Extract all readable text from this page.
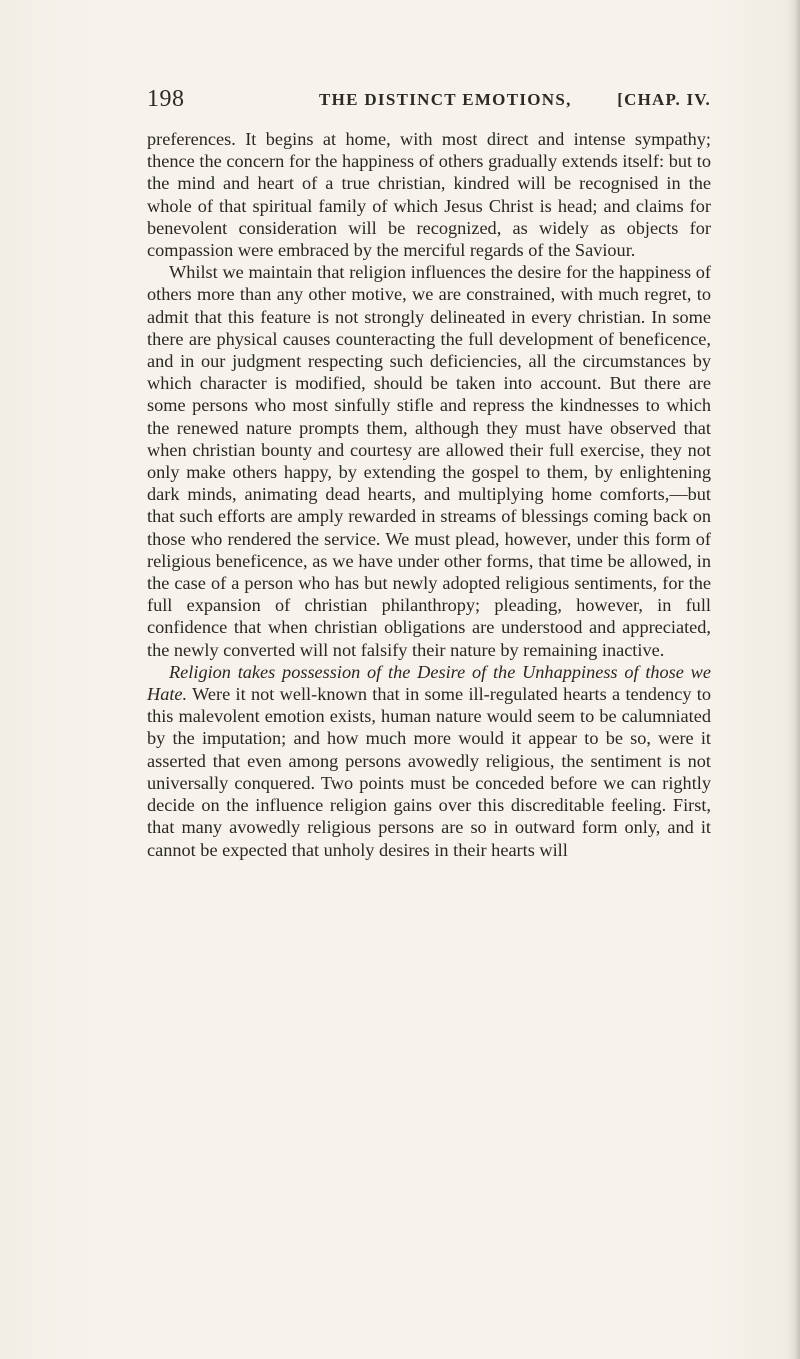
198	THE DISTINCT EMOTIONS,	[CHAP. IV.

preferences. It begins at home, with most direct and intense sympathy; thence the concern for the happiness of others gradually extends itself: but to the mind and heart of a true christian, kindred will be recognised in the whole of that spiritual family of which Jesus Christ is head; and claims for benevolent consideration will be recognized, as widely as objects for compassion were embraced by the merciful regards of the Saviour.

Whilst we maintain that religion influences the desire for the happiness of others more than any other motive, we are constrained, with much regret, to admit that this feature is not strongly delineated in every christian. In some there are physical causes counteracting the full development of beneficence, and in our judgment respecting such deficiencies, all the circumstances by which character is modified, should be taken into account. But there are some persons who most sinfully stifle and repress the kindnesses to which the renewed nature prompts them, although they must have observed that when christian bounty and courtesy are allowed their full exercise, they not only make others happy, by extending the gospel to them, by enlightening dark minds, animating dead hearts, and multiplying home comforts,—but that such efforts are amply rewarded in streams of blessings coming back on those who rendered the service. We must plead, however, under this form of religious beneficence, as we have under other forms, that time be allowed, in the case of a person who has but newly adopted religious sentiments, for the full expansion of christian philanthropy; pleading, however, in full confidence that when christian obligations are understood and appreciated, the newly converted will not falsify their nature by remaining inactive.

Religion takes possession of the Desire of the Unhappiness of those we Hate. Were it not well-known that in some ill-regulated hearts a tendency to this malevolent emotion exists, human nature would seem to be calumniated by the imputation; and how much more would it appear to be so, were it asserted that even among persons avowedly religious, the sentiment is not universally conquered. Two points must be conceded before we can rightly decide on the influence religion gains over this discreditable feeling. First, that many avowedly religious persons are so in outward form only, and it cannot be expected that unholy desires in their hearts will
